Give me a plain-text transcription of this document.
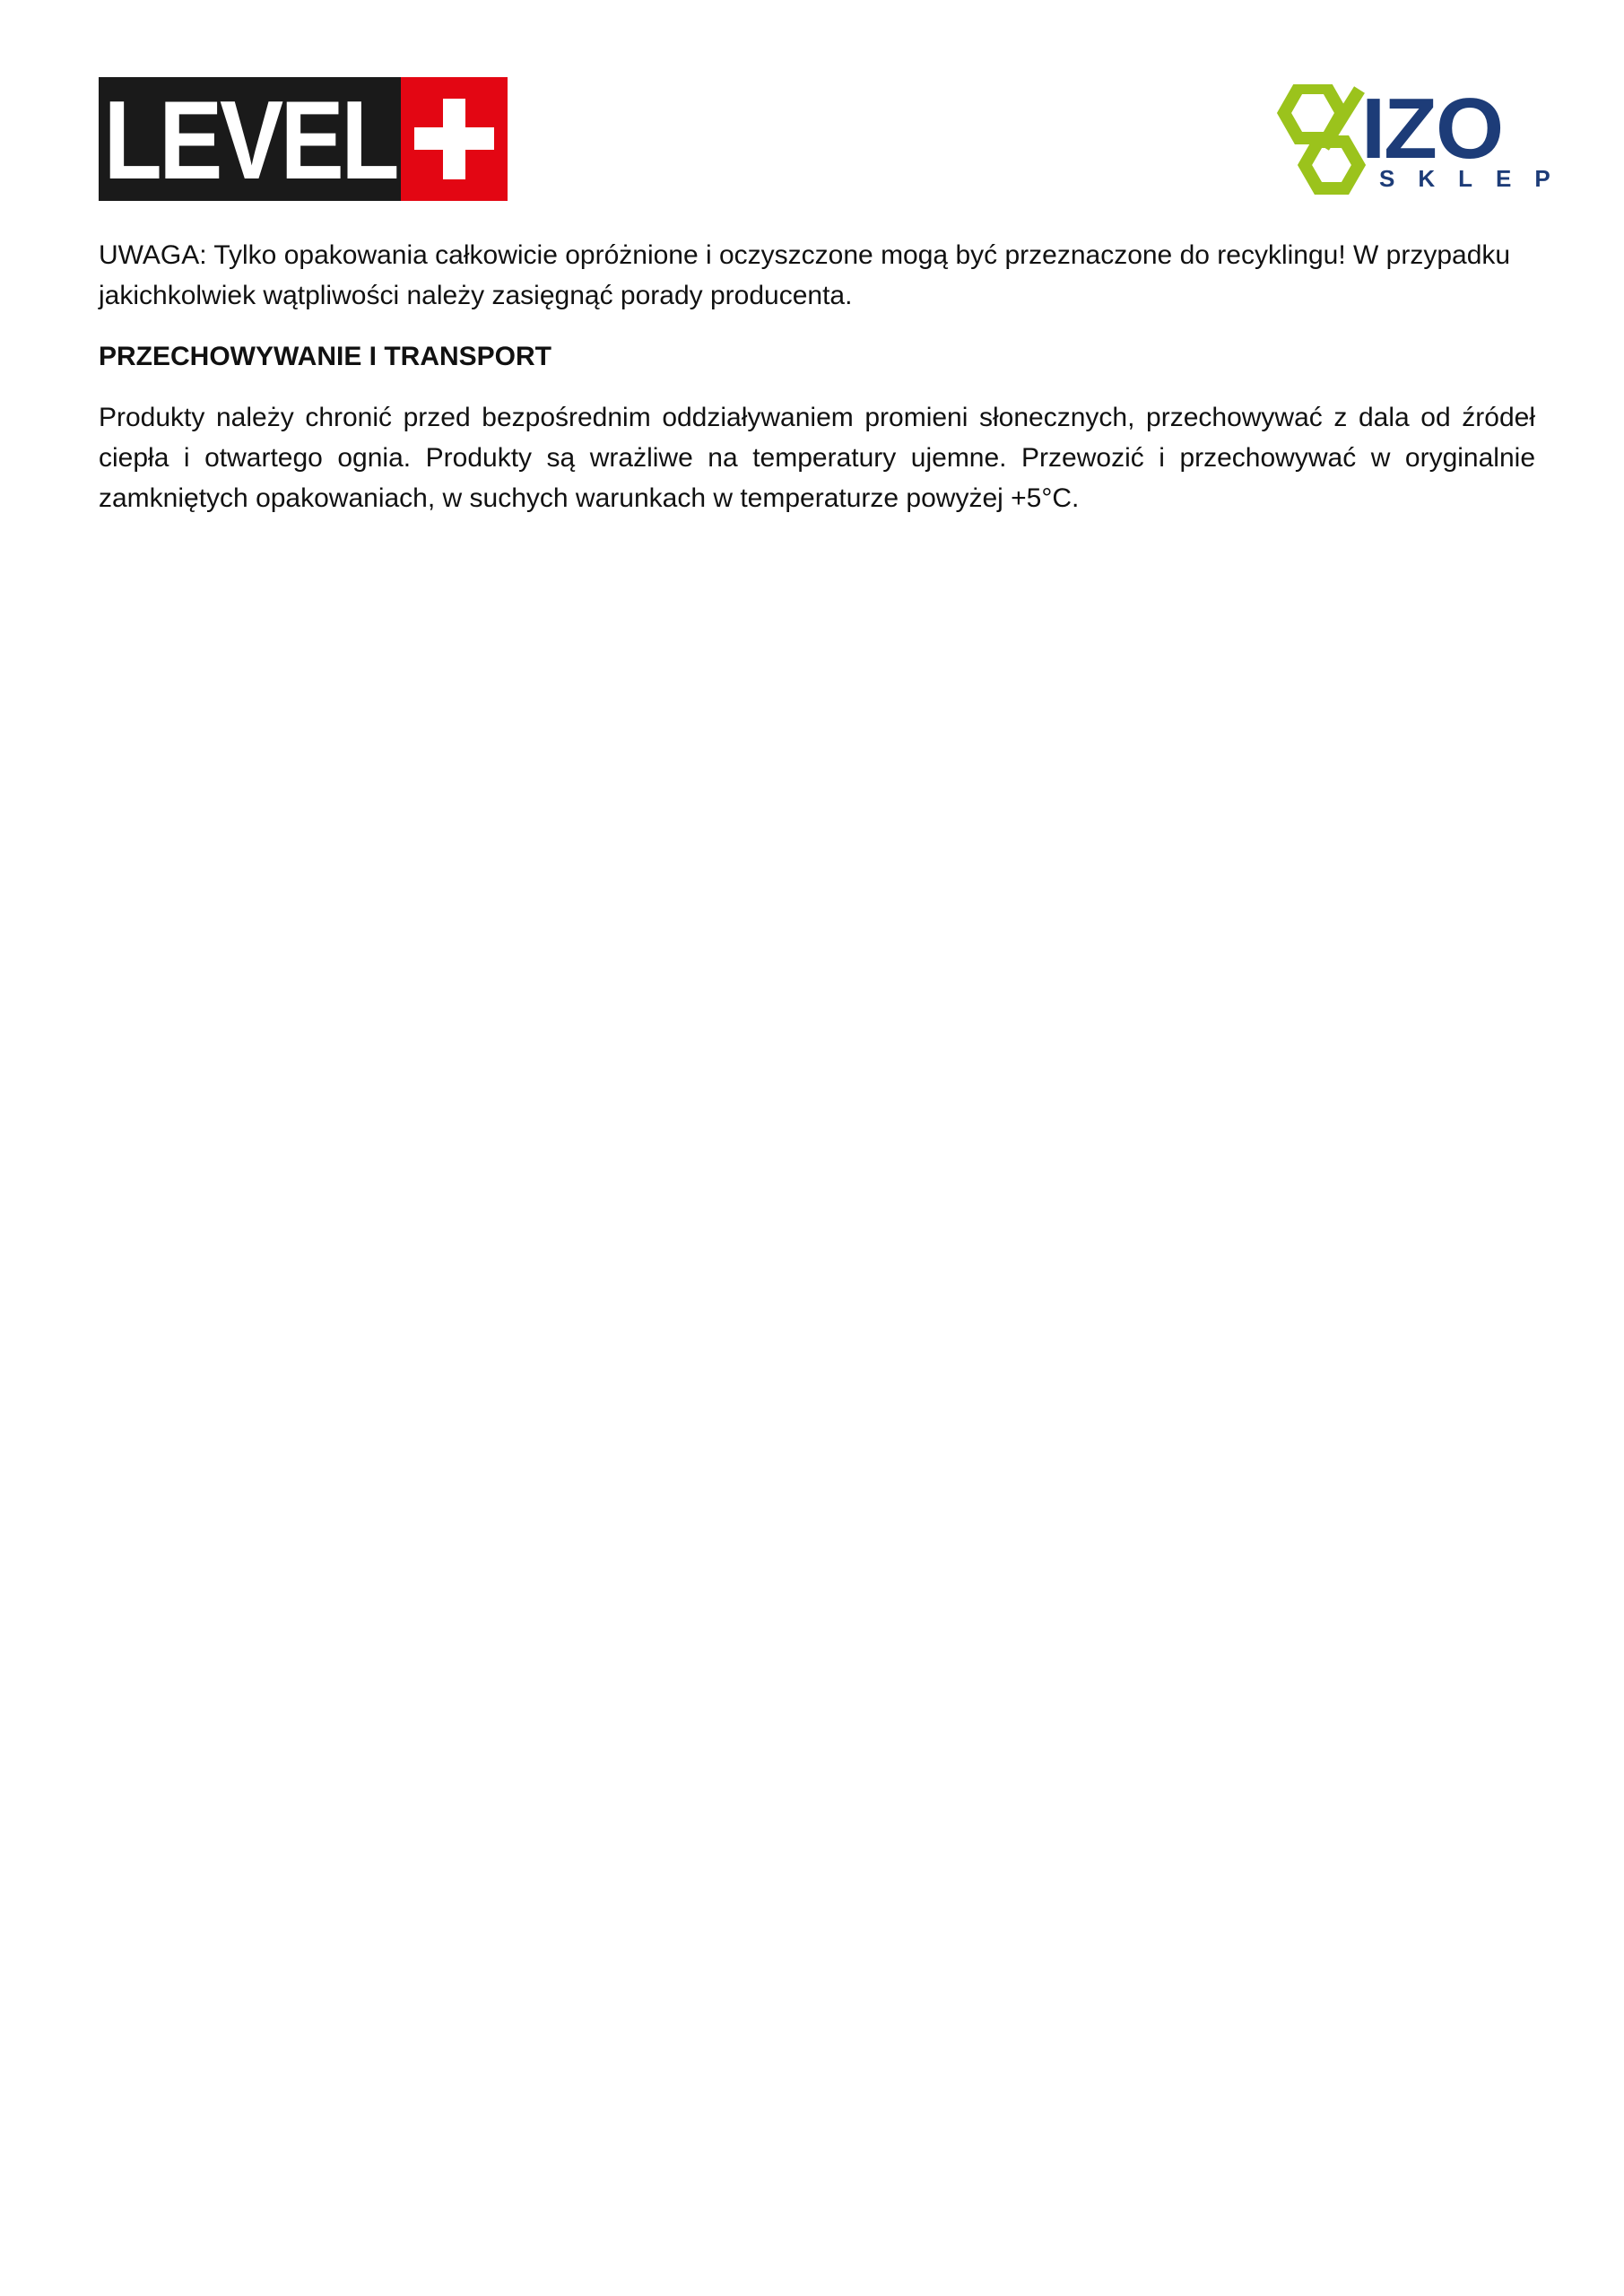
LEVEL	IZO
SKLEP

UWAGA: Tylko opakowania całkowicie opróżnione i oczyszczone mogą być przeznaczone do recyklingu! W przypadku jakichkolwiek wątpliwości należy zasięgnąć porady producenta.

PRZECHOWYWANIE I TRANSPORT

Produkty należy chronić przed bezpośrednim oddziaływaniem promieni słonecznych, przechowywać z dala od źródeł ciepła i otwartego ognia. Produkty są wrażliwe na temperatury ujemne. Przewozić i przechowywać w oryginalnie zamkniętych opakowaniach, w suchych warunkach w temperaturze powyżej +5°C.
